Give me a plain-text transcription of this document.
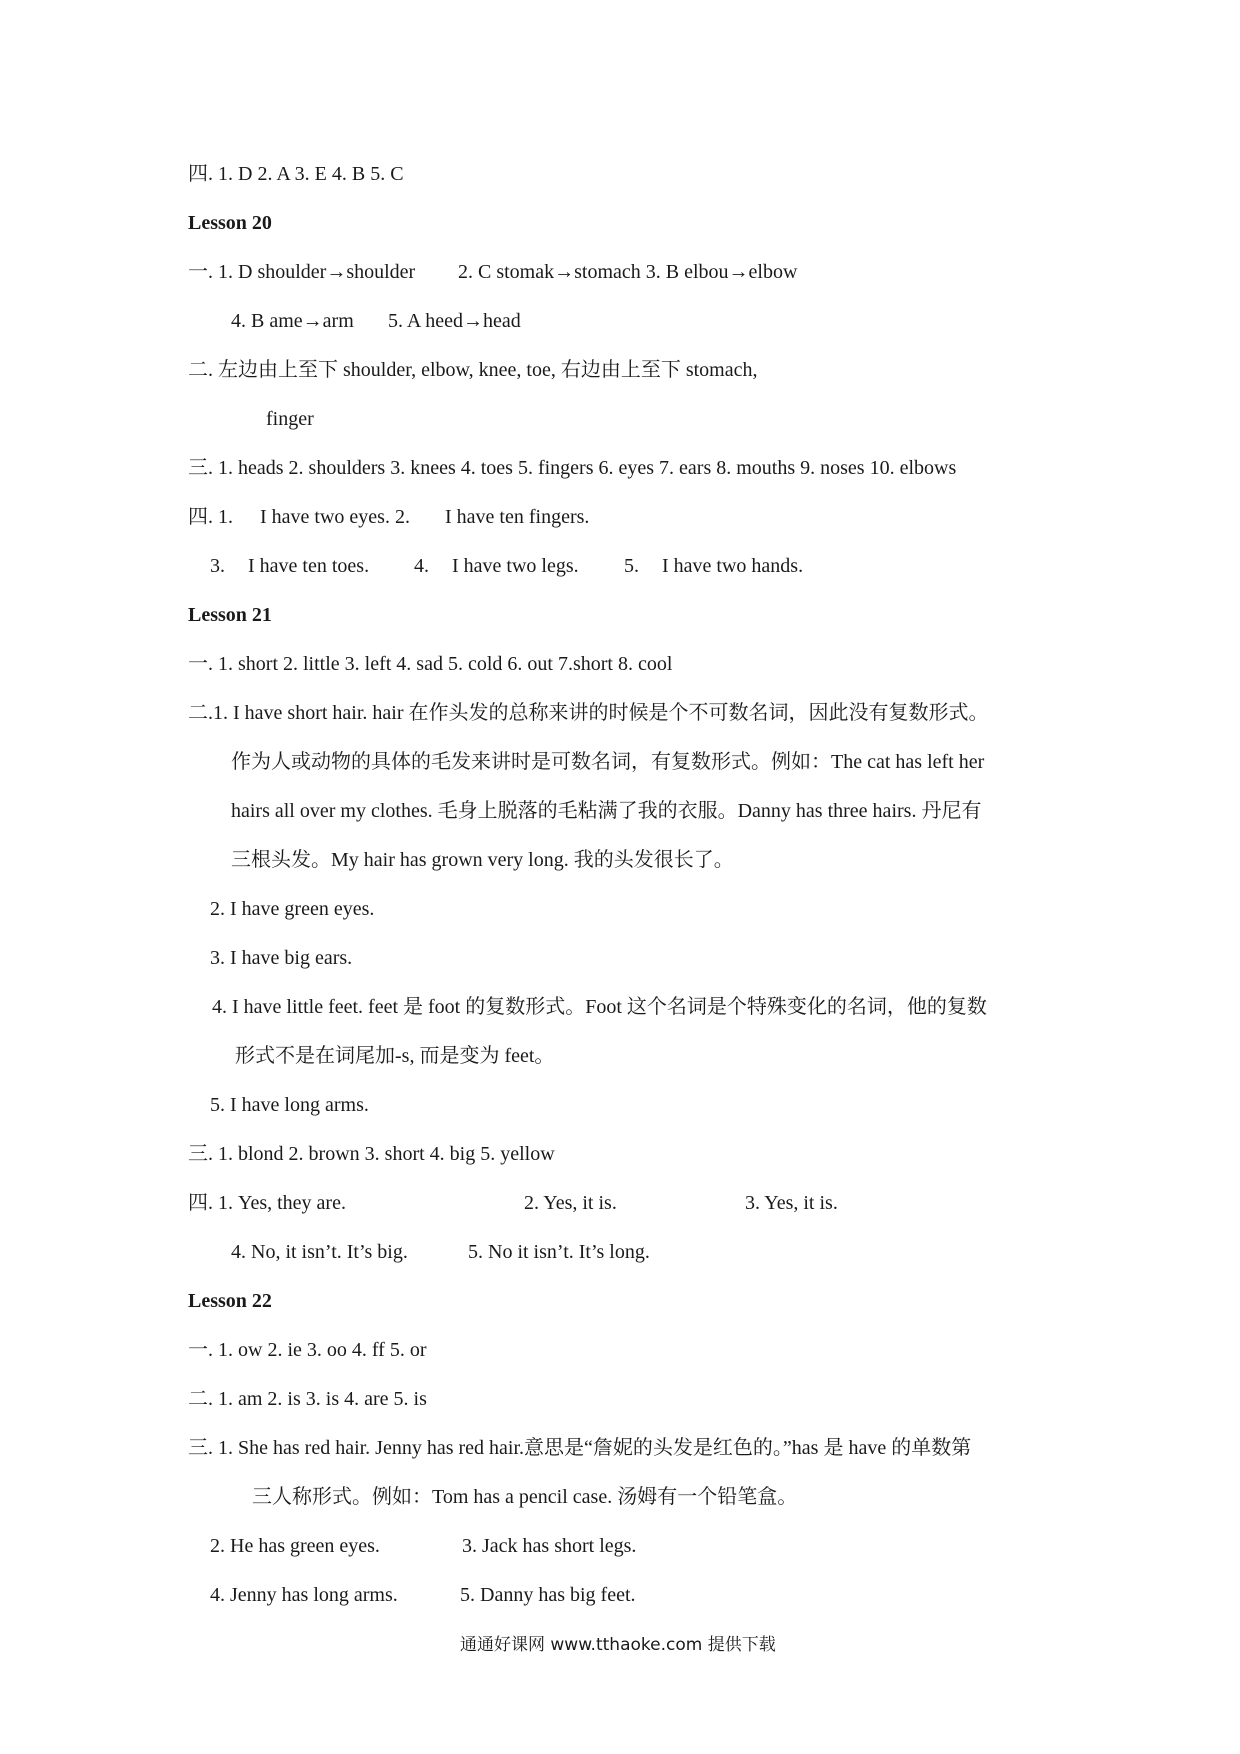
四. 1. D 2. A 3. E 4. B 5. C
Lesson 20
一. 1. D shoulder→shoulder 2. C stomak→stomach 3. B elbou→elbow
4. B ame→arm 5. A heed→head
二. 左边由上至下 shoulder, elbow, knee, toe, 右边由上至下 stomach,
finger
三. 1. heads 2. shoulders 3. knees 4. toes 5. fingers 6. eyes 7. ears 8. mouths 9. noses 10. elbows
四. 1. I have two eyes. 2. I have ten fingers.
3. I have ten toes. 4. I have two legs. 5. I have two hands.
Lesson 21
一. 1. short 2. little 3. left 4. sad 5. cold 6. out 7.short 8. cool
二.1. I have short hair. hair 在作头发的总称来讲的时候是个不可数名词，因此没有复数形式。
作为人或动物的具体的毛发来讲时是可数名词，有复数形式。例如：The cat has left her
hairs all over my clothes. 毛身上脱落的毛粘满了我的衣服。Danny has three hairs. 丹尼有
三根头发。My hair has grown very long. 我的头发很长了。
2. I have green eyes.
3. I have big ears.
4. I have little feet. feet 是 foot 的复数形式。Foot 这个名词是个特殊变化的名词，他的复数
形式不是在词尾加-s, 而是变为 feet。
5. I have long arms.
三. 1. blond 2. brown 3. short 4. big 5. yellow
四. 1. Yes, they are.	2. Yes, it is.	3. Yes, it is.
4. No, it isn’t. It’s big.	5. No it isn’t. It’s long.
Lesson 22
一. 1. ow 2. ie 3. oo 4. ff 5. or
二. 1. am 2. is 3. is 4. are 5. is
三. 1. She has red hair. Jenny has red hair.意思是“詹妮的头发是红色的。”has 是 have 的单数第
三人称形式。例如：Tom has a pencil case. 汤姆有一个铅笔盒。
2. He has green eyes.	3. Jack has short legs.
4. Jenny has long arms.	5. Danny has big feet.
通通好课网 www.tthaoke.com 提供下载
